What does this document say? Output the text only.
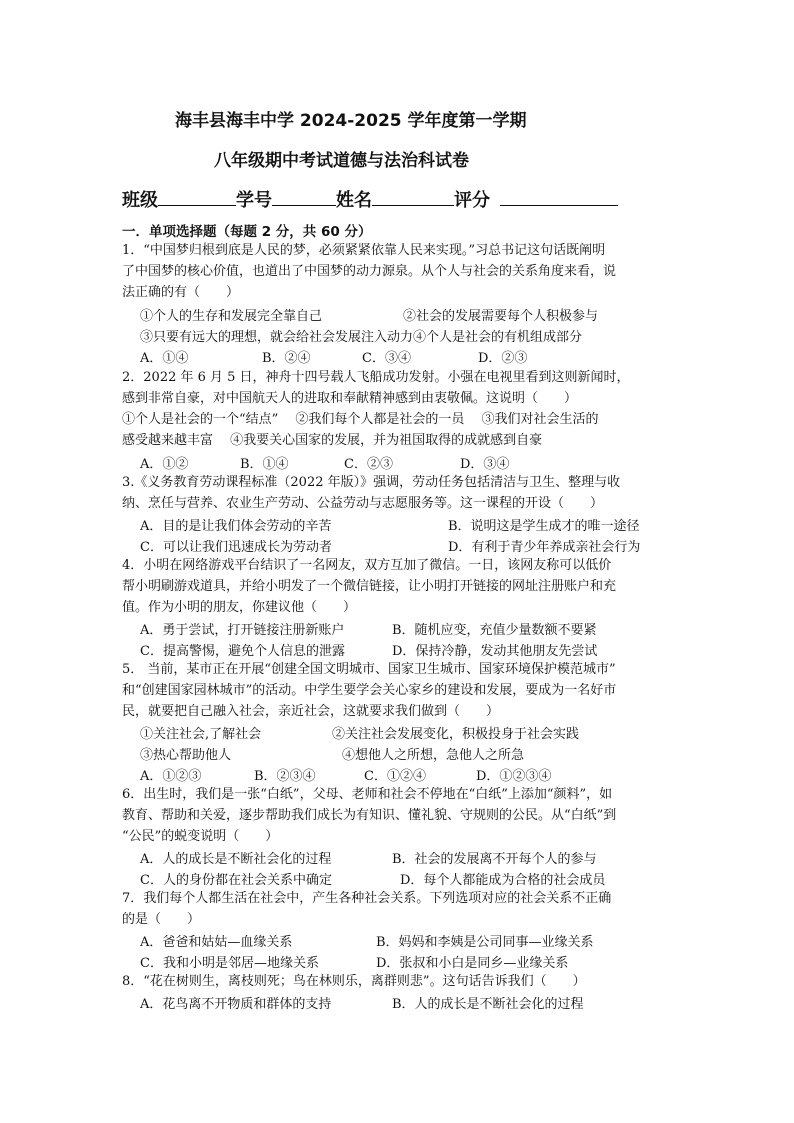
海丰县海丰中学 2024-2025 学年度第一学期
八年级期中考试道德与法治科试卷
班级	学号	姓名	评分
一．单项选择题（每题 2 分，共 60 分）
1．“中国梦归根到底是人民的梦，必须紧紧依靠人民来实现。”习总书记这句话既阐明
了中国梦的核心价值，也道出了中国梦的动力源泉。从个人与社会的关系角度来看，说
法正确的有（　　）
①个人的生存和发展完全靠自己	②社会的发展需要每个人积极参与
③只要有远大的理想，就会给社会发展注入动力④个人是社会的有机组成部分
A．①④	B．②④	C．③④	D．②③
2．2022 年 6 月 5 日，神舟十四号载人飞船成功发射。小强在电视里看到这则新闻时，
感到非常自豪，对中国航天人的进取和奉献精神感到由衷敬佩。这说明（　　）
①个人是社会的一个“结点”　 ②我们每个人都是社会的一员　 ③我们对社会生活的
感受越来越丰富　 ④我要关心国家的发展，并为祖国取得的成就感到自豪
A．①②	B．①④	C．②③	D．③④
3.《义务教育劳动课程标准（2022 年版）》强调，劳动任务包括清洁与卫生、整理与收
纳、烹任与营养、农业生产劳动、公益劳动与志愿服务等。这一课程的开设（　　）
A．目的是让我们体会劳动的辛苦	B．说明这是学生成才的唯一途径
C．可以让我们迅速成长为劳动者	D．有利于青少年养成亲社会行为
4．小明在网络游戏平台结识了一名网友，双方互加了微信。一日，该网友称可以低价
帮小明刷游戏道具，并给小明发了一个微信链接，让小明打开链接的网址注册账户和充
值。作为小明的朋友，你建议他（　　）
A．勇于尝试，打开链接注册新账户	B．随机应变，充值少量数额不要紧
C．提高警惕，避免个人信息的泄露	D．保持冷静，发动其他朋友先尝试
5． 当前，某市正在开展“创建全国文明城市、国家卫生城市、国家环境保护模范城市”
和“创建国家园林城市”的活动。中学生要学会关心家乡的建设和发展，要成为一名好市
民，就要把自己融入社会，亲近社会，这就要求我们做到（　　）
①关注社会,了解社会	②关注社会发展变化，积极投身于社会实践
③热心帮助他人	④想他人之所想，急他人之所急
A．①②③	B．②③④	C．①②④	D．①②③④
6．出生时，我们是一张“白纸”，父母、老师和社会不停地在“白纸”上添加“颜料”，如
教育、帮助和关爱，逐步帮助我们成长为有知识、懂礼貌、守规则的公民。从“白纸”到
“公民”的蜕变说明（　　）
A．人的成长是不断社会化的过程	B．社会的发展离不开每个人的参与
C．人的身份都在社会关系中确定	D．每个人都能成为合格的社会成员
7．我们每个人都生活在社会中，产生各种社会关系。下列选项对应的社会关系不正确
的是（　　）
A．爸爸和姑姑—血缘关系	B．妈妈和李姨是公司同事—业缘关系
C．我和小明是邻居—地缘关系	D．张叔和小白是同乡—业缘关系
8．“花在树则生，离枝则死；鸟在林则乐，离群则悲”。这句话告诉我们（　　）
A．花鸟离不开物质和群体的支持	B．人的成长是不断社会化的过程
